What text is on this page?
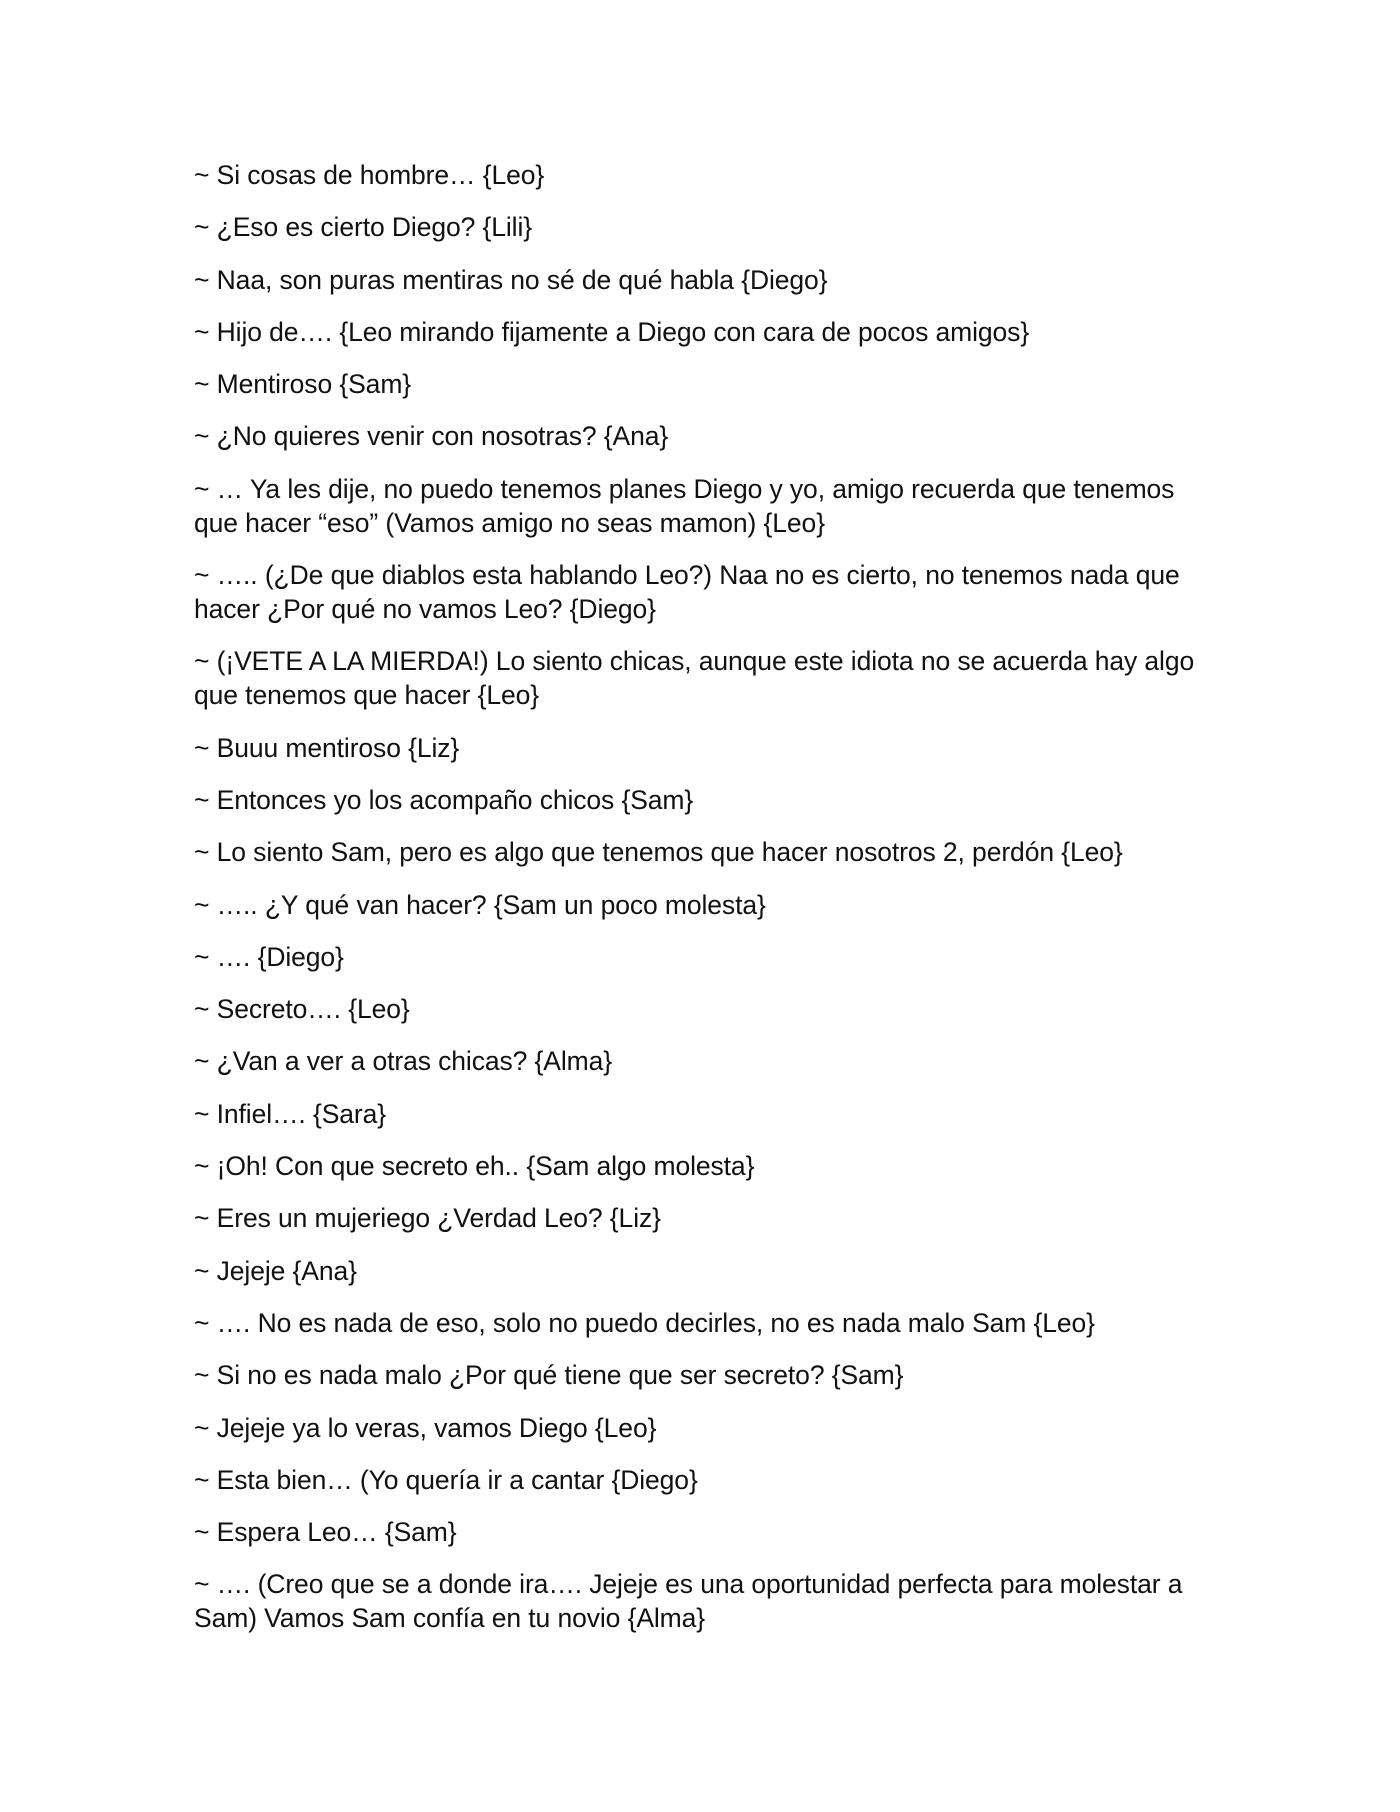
~ Si cosas de hombre… {Leo}

~ ¿Eso es cierto Diego? {Lili}

~ Naa, son puras mentiras no sé de qué habla {Diego}

~ Hijo de…. {Leo mirando fijamente a Diego con cara de pocos amigos}

~ Mentiroso {Sam}

~ ¿No quieres venir con nosotras? {Ana}

~ … Ya les dije, no puedo tenemos planes Diego y yo, amigo recuerda que tenemos que hacer “eso” (Vamos amigo no seas mamon) {Leo}

~ ….. (¿De que diablos esta hablando Leo?) Naa no es cierto, no tenemos nada que hacer ¿Por qué no vamos Leo? {Diego}

~ (¡VETE A LA MIERDA!) Lo siento chicas, aunque este idiota no se acuerda hay algo que tenemos que hacer {Leo}

~ Buuu mentiroso {Liz}

~ Entonces yo los acompaño chicos {Sam}

~ Lo siento Sam, pero es algo que tenemos que hacer nosotros 2, perdón {Leo}

~ ….. ¿Y qué van hacer? {Sam un poco molesta}

~ …. {Diego}

~ Secreto…. {Leo}

~ ¿Van a ver a otras chicas? {Alma}

~ Infiel…. {Sara}

~ ¡Oh! Con que secreto eh.. {Sam algo molesta}

~ Eres un mujeriego ¿Verdad Leo? {Liz}

~ Jejeje {Ana}

~ …. No es nada de eso, solo no puedo decirles, no es nada malo Sam {Leo}

~ Si no es nada malo ¿Por qué tiene que ser secreto? {Sam}

~ Jejeje ya lo veras, vamos Diego {Leo}

~ Esta bien… (Yo quería ir a cantar {Diego}

~ Espera Leo… {Sam}

~ …. (Creo que se a donde ira…. Jejeje es una oportunidad perfecta para molestar a Sam) Vamos Sam confía en tu novio {Alma}
